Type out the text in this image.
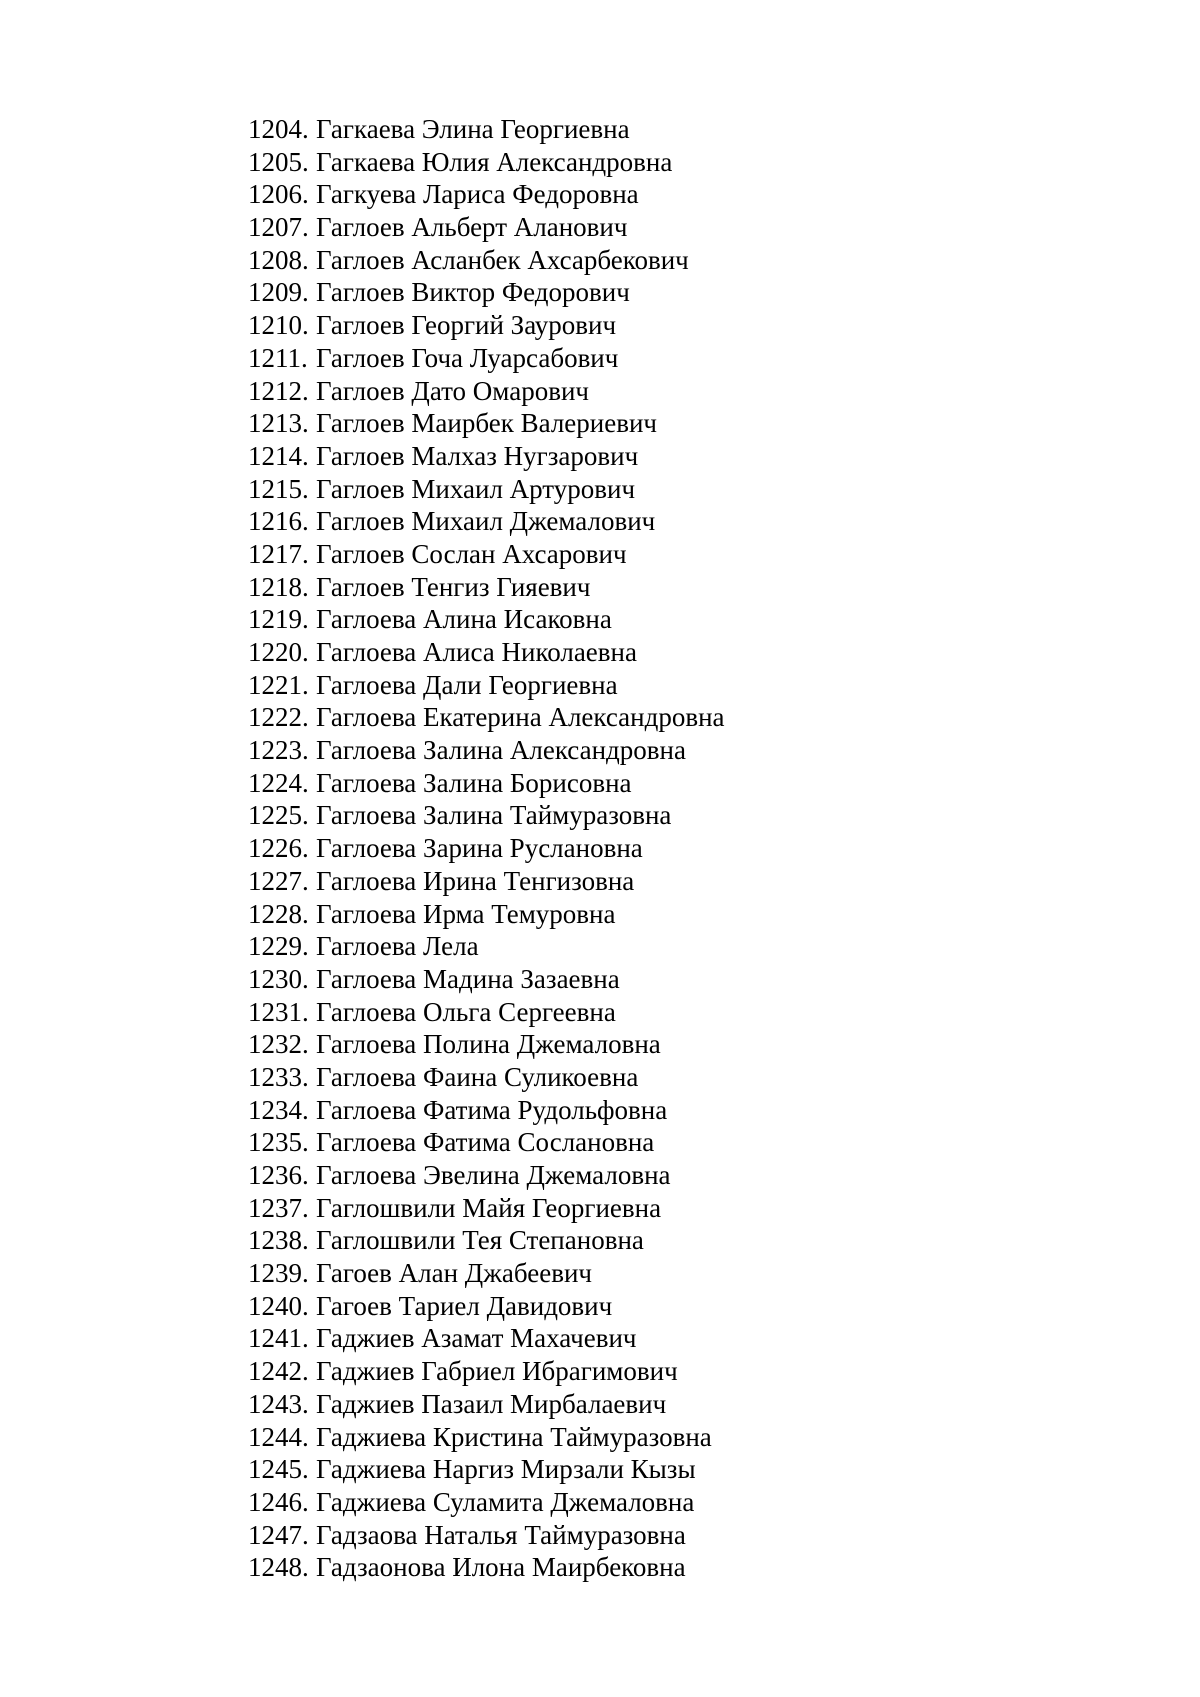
1204. Гагкаева Элина Георгиевна
1205. Гагкаева Юлия Александровна
1206. Гагкуева Лариса Федоровна
1207. Гаглоев Альберт Аланович
1208. Гаглоев Асланбек Ахсарбекович
1209. Гаглоев Виктор Федорович
1210. Гаглоев Георгий Заурович
1211. Гаглоев Гоча Луарсабович
1212. Гаглоев Дато Омарович
1213. Гаглоев Маирбек Валериевич
1214. Гаглоев Малхаз Нугзарович
1215. Гаглоев Михаил Артурович
1216. Гаглоев Михаил Джемалович
1217. Гаглоев Сослан Ахсарович
1218. Гаглоев Тенгиз Гияевич
1219. Гаглоева Алина Исаковна
1220. Гаглоева Алиса Николаевна
1221. Гаглоева Дали Георгиевна
1222. Гаглоева Екатерина Александровна
1223. Гаглоева Залина Александровна
1224. Гаглоева Залина Борисовна
1225. Гаглоева Залина Таймуразовна
1226. Гаглоева Зарина Руслановна
1227. Гаглоева Ирина Тенгизовна
1228. Гаглоева Ирма Темуровна
1229. Гаглоева Лела
1230. Гаглоева Мадина Зазаевна
1231. Гаглоева Ольга Сергеевна
1232. Гаглоева Полина Джемаловна
1233. Гаглоева Фаина Суликоевна
1234. Гаглоева Фатима Рудольфовна
1235. Гаглоева Фатима Сослановна
1236. Гаглоева Эвелина Джемаловна
1237. Гаглошвили Майя Георгиевна
1238. Гаглошвили Тея Степановна
1239. Гагоев Алан Джабеевич
1240. Гагоев Тариел Давидович
1241. Гаджиев Азамат Махачевич
1242. Гаджиев Габриел Ибрагимович
1243. Гаджиев Пазаил Мирбалаевич
1244. Гаджиева Кристина Таймуразовна
1245. Гаджиева Наргиз Мирзали Кызы
1246. Гаджиева Суламита Джемаловна
1247. Гадзаова Наталья Таймуразовна
1248. Гадзаонова Илона Маирбековна
